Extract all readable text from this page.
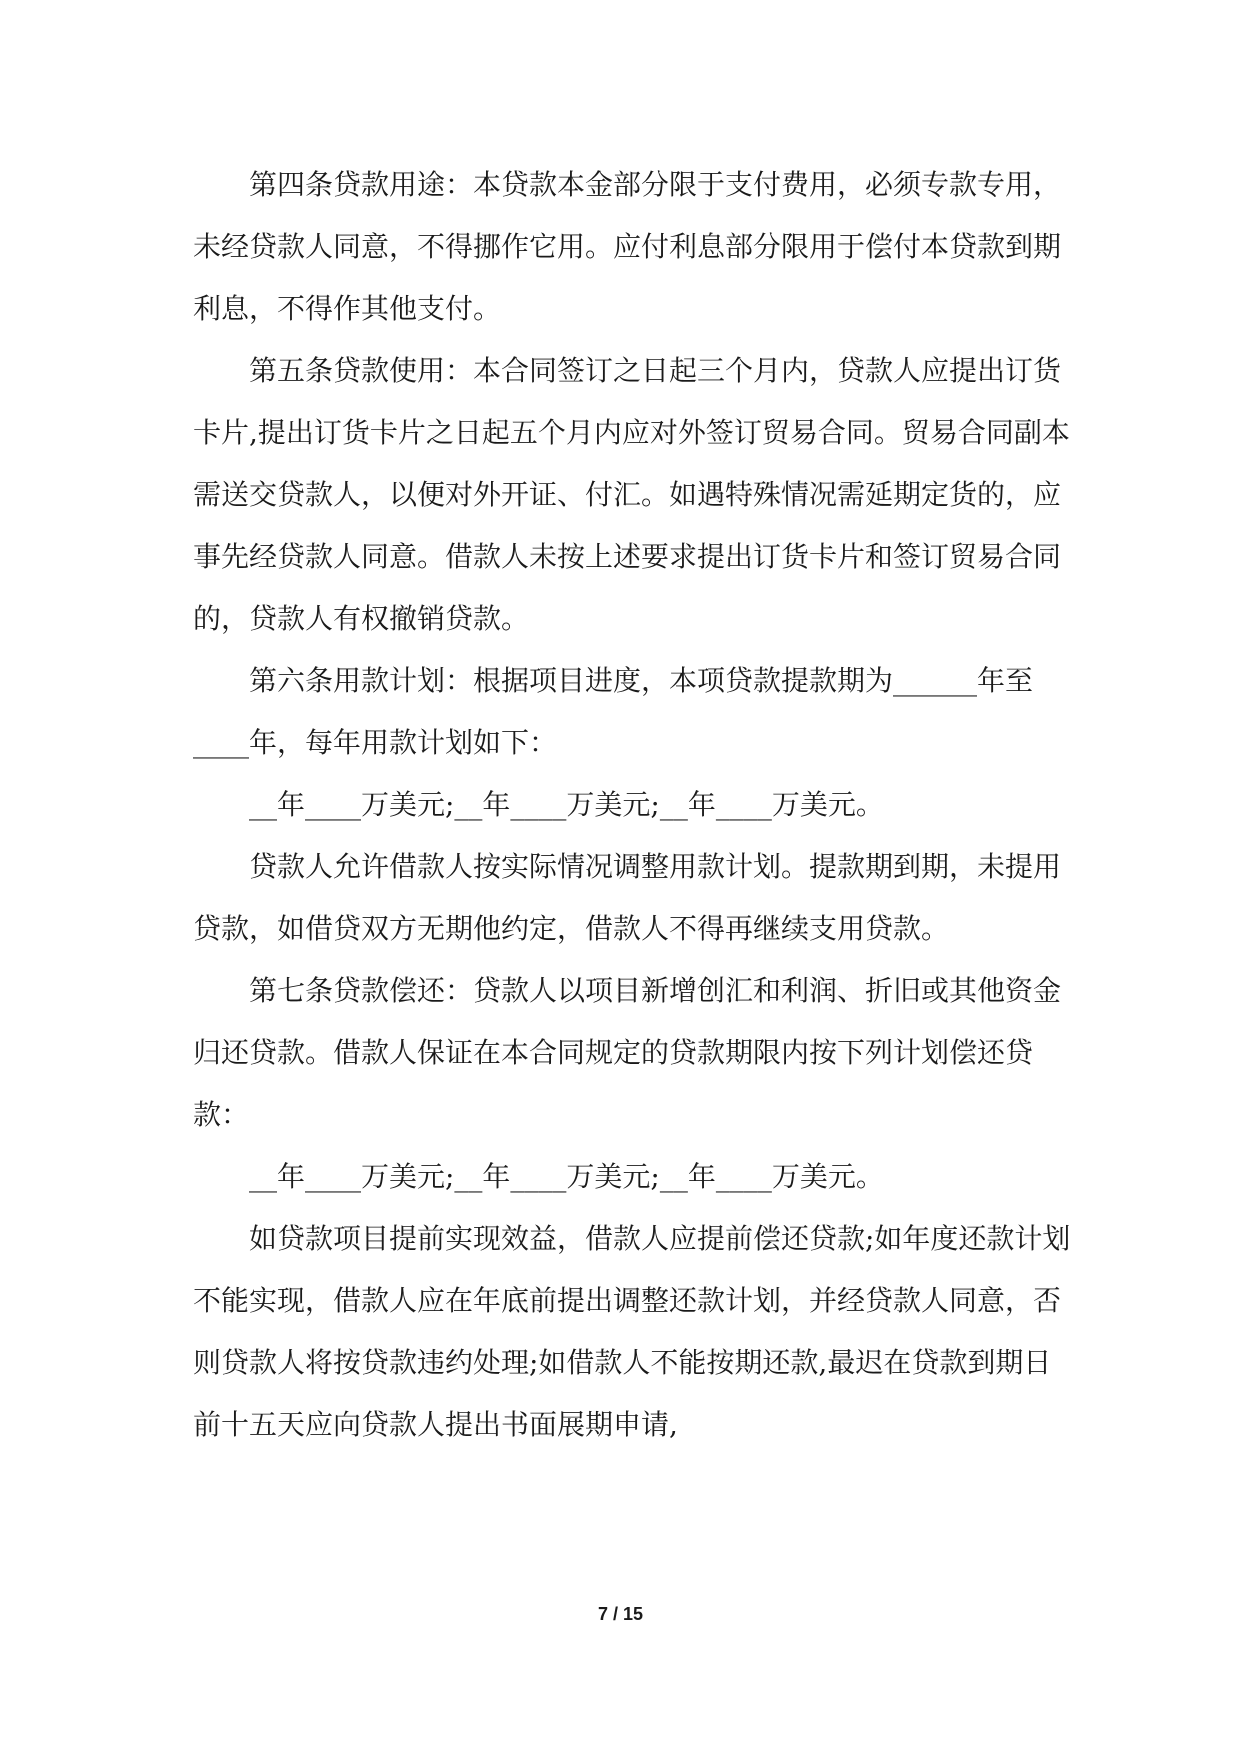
第四条贷款用途：本贷款本金部分限于支付费用，必须专款专用，未经贷款人同意，不得挪作它用。应付利息部分限用于偿付本贷款到期利息，不得作其他支付。

第五条贷款使用：本合同签订之日起三个月内，贷款人应提出订货卡片,提出订货卡片之日起五个月内应对外签订贸易合同。贸易合同副本需送交贷款人，以便对外开证、付汇。如遇特殊情况需延期定货的，应事先经贷款人同意。借款人未按上述要求提出订货卡片和签订贸易合同的，贷款人有权撤销贷款。

第六条用款计划：根据项目进度，本项贷款提款期为______年至____年，每年用款计划如下：

__年____万美元;__年____万美元;__年____万美元。

贷款人允许借款人按实际情况调整用款计划。提款期到期，未提用贷款，如借贷双方无期他约定，借款人不得再继续支用贷款。

第七条贷款偿还：贷款人以项目新增创汇和利润、折旧或其他资金归还贷款。借款人保证在本合同规定的贷款期限内按下列计划偿还贷款：

__年____万美元;__年____万美元;__年____万美元。

如贷款项目提前实现效益，借款人应提前偿还贷款;如年度还款计划不能实现，借款人应在年底前提出调整还款计划，并经贷款人同意，否则贷款人将按贷款违约处理;如借款人不能按期还款,最迟在贷款到期日前十五天应向贷款人提出书面展期申请,

7 / 15
